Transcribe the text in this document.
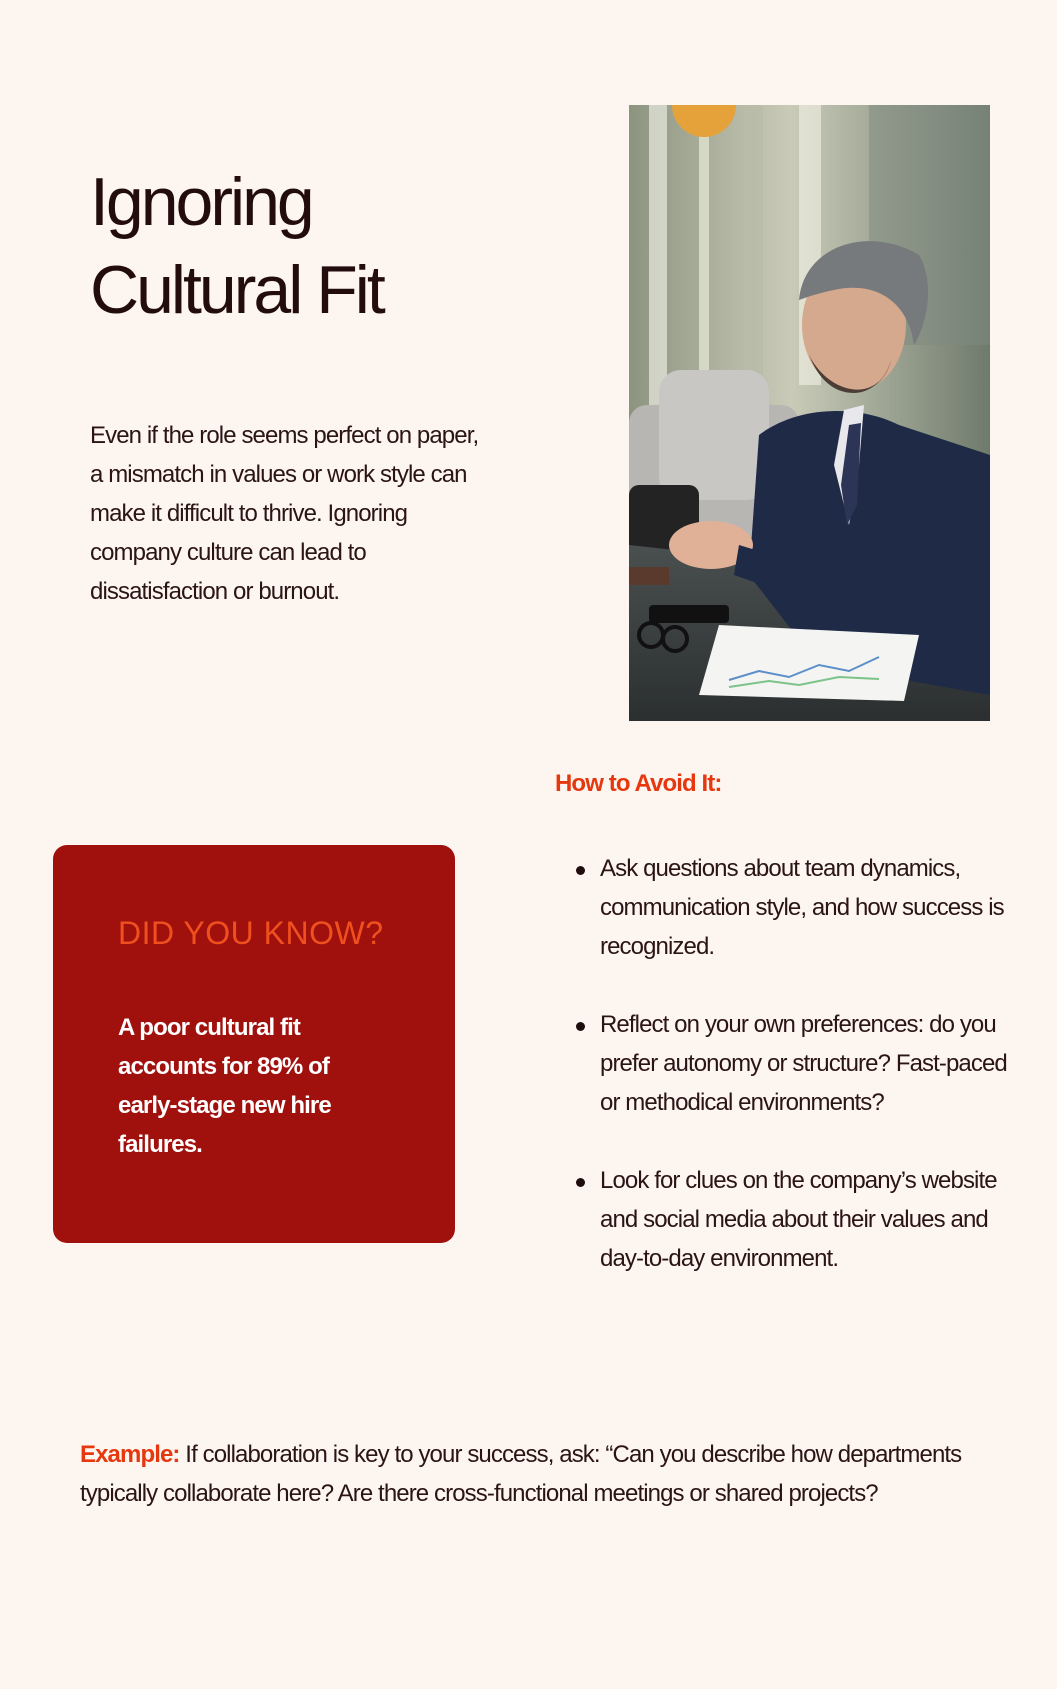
Ignoring
Cultural Fit

Even if the role seems perfect on paper, a mismatch in values or work style can make it difficult to thrive. Ignoring company culture can lead to dissatisfaction or burnout.

How to Avoid It:
Ask questions about team dynamics, communication style, and how success is recognized.
Reflect on your own preferences: do you prefer autonomy or structure? Fast-paced or methodical environments?
Look for clues on the company’s website and social media about their values and day-to-day environment.
DID YOU KNOW?

A poor cultural fit accounts for 89% of early-stage new hire failures.

Example: If collaboration is key to your success, ask: “Can you describe how departments typically collaborate here? Are there cross-functional meetings or shared projects?
